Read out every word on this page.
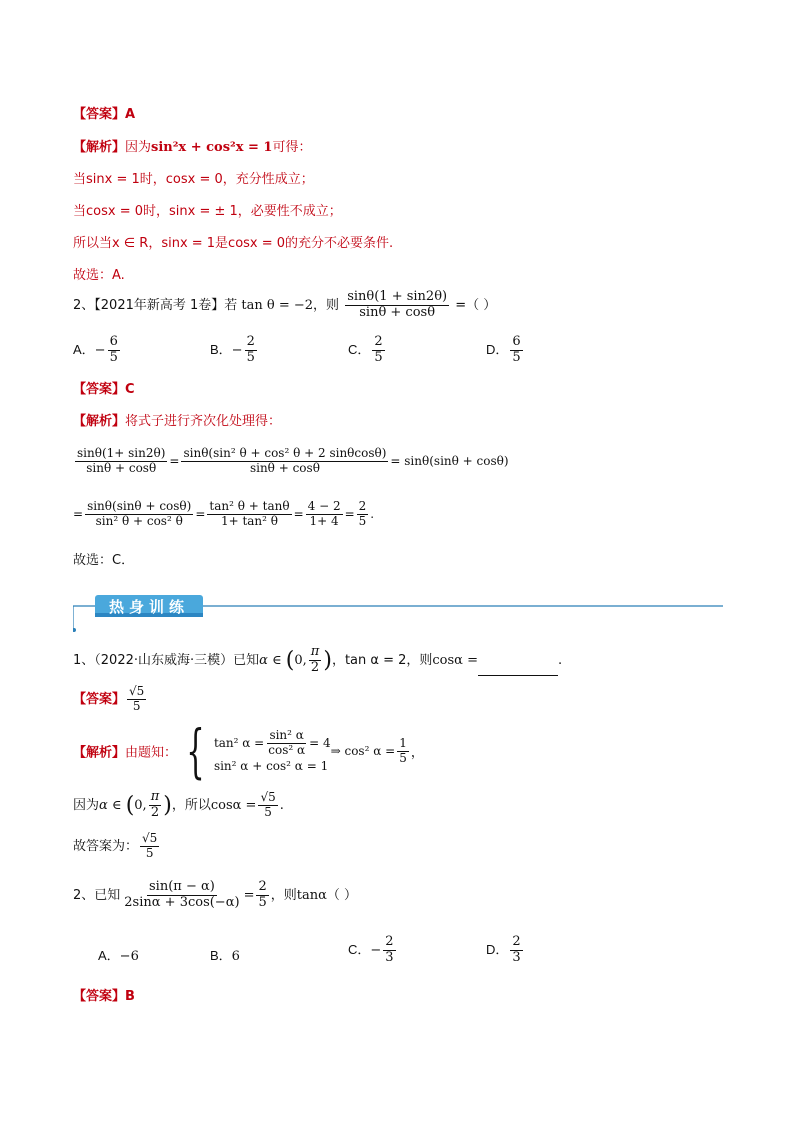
【答案】A
【解析】因为sin²x + cos²x = 1可得：
当sinx = 1时，cosx = 0，充分性成立；
当cosx = 0时，sinx = ± 1，必要性不成立；
所以当x ∈ R，sinx = 1是cosx = 0的充分不必要条件.
故选：A.
2、【2021年新高考 1卷】若 tan θ = −2，则 $\frac{\sin\theta(1 + \sin 2\theta)}{\sin\theta + \cos\theta}$ =（ ）
A．− $\frac{6}{5}$	B．− $\frac{2}{5}$	C． $\frac{2}{5}$	D． $\frac{6}{5}$
【答案】C
【解析】将式子进行齐次化处理得：
$\frac{\sin\theta(1+ \sin 2\theta)}{\sin\theta + \cos\theta} = \frac{\text{sinθ(sin² θ + cos² θ + 2 sinθcosθ)}}{\sin\theta + \cos\theta} = \sin\theta(\sin\theta + \cos\theta)$
= $\frac{\sin\theta(\sin\theta + \cos\theta)}{\text{sin² θ + cos² θ}} = \frac{\text{tan² θ + tanθ}}{\text{1+ tan² θ}} = \frac{4 - 2}{1+ 4} = \frac{2}{5}$ .
故选：C．
热身训练
1、（2022·山东威海·三模）已知α ∈ (0, $\frac{\pi}{2}$ )，tan α = 2，则cosα =	.
【答案】 $\frac{√5}{5}$
【解析】由题知： { tan² $\alpha = \frac{\text{sin² α}}{\text{cos² α}} = 4$
sin² α + cos² α = 1
⇒ cos² $\alpha = \frac{1}{5}$ ，
因为α ∈ (0, $\frac{\pi}{2}$ )，所以$\cos\alpha = \frac{√5}{5}$ .
故答案为： $\frac{√5}{5}$
2、已知 $\frac{\sin(\pi - \alpha)}{2\sin\alpha + 3\cos(-\alpha)} = \frac{2}{5}$ ，则tanα（ ）
A．−6	B．6	C．− $\frac{2}{3}$	D． $\frac{2}{3}$
【答案】B
